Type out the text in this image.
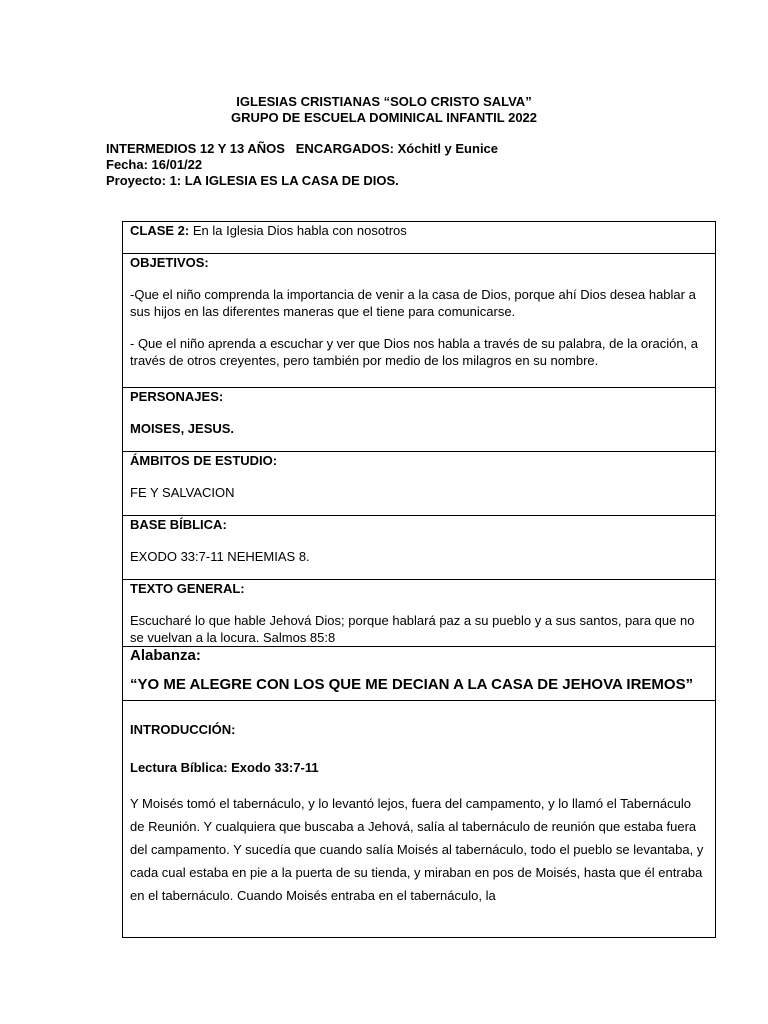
IGLESIAS CRISTIANAS “SOLO CRISTO SALVA”
GRUPO DE ESCUELA DOMINICAL INFANTIL 2022
INTERMEDIOS 12 Y 13 AÑOS   ENCARGADOS: Xóchitl y Eunice
Fecha: 16/01/22
Proyecto: 1: LA IGLESIA ES LA CASA DE DIOS.
CLASE 2: En la Iglesia Dios habla con nosotros

OBJETIVOS:

-Que el niño comprenda la importancia de venir a la casa de Dios, porque ahí Dios desea hablar a sus hijos en las diferentes maneras que el tiene para comunicarse.

- Que el niño aprenda a escuchar y ver que Dios nos habla a través de su palabra, de la oración, a través de otros creyentes, pero también por medio de los milagros en su nombre.

PERSONAJES:

MOISES, JESUS.

ÁMBITOS DE ESTUDIO:

FE Y SALVACION

BASE BÍBLICA:

EXODO 33:7-11 NEHEMIAS 8.

TEXTO GENERAL:

Escucharé lo que hable Jehová Dios; porque hablará paz a su pueblo y a sus santos, para que no se vuelvan a la locura. Salmos 85:8

Alabanza:

“YO ME ALEGRE CON LOS QUE ME DECIAN A LA CASA DE JEHOVA IREMOS”

INTRODUCCIÓN:

Lectura Bíblica: Exodo 33:7-11

Y Moisés tomó el tabernáculo, y lo levantó lejos, fuera del campamento, y lo llamó el Tabernáculo de Reunión. Y cualquiera que buscaba a Jehová, salía al tabernáculo de reunión que estaba fuera del campamento. Y sucedía que cuando salía Moisés al tabernáculo, todo el pueblo se levantaba, y cada cual estaba en pie a la puerta de su tienda, y miraban en pos de Moisés, hasta que él entraba en el tabernáculo. Cuando Moisés entraba en el tabernáculo, la
